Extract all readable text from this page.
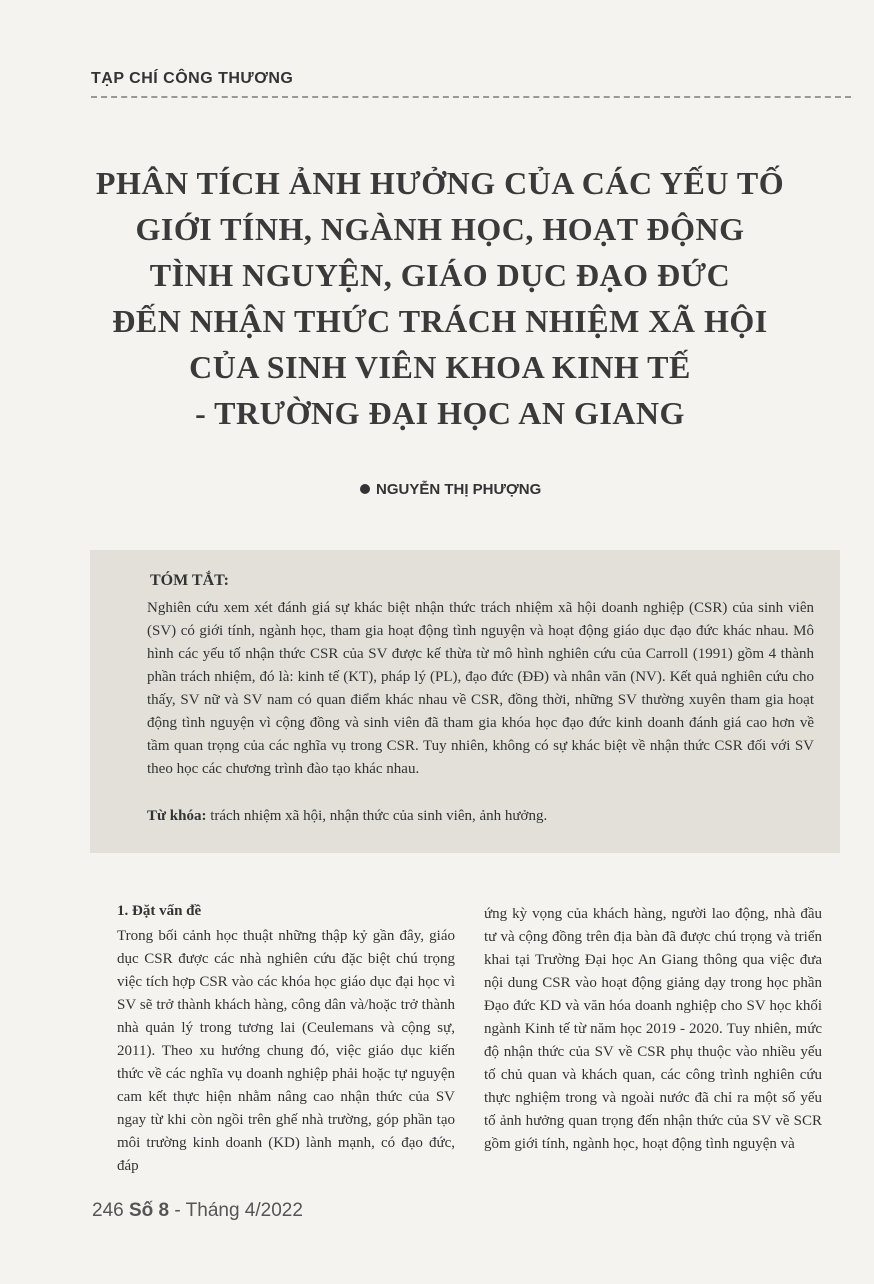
TẠP CHÍ CÔNG THƯƠNG
PHÂN TÍCH ẢNH HƯỞNG CỦA CÁC YẾU TỐ
GIỚI TÍNH, NGÀNH HỌC, HOẠT ĐỘNG
TÌNH NGUYỆN, GIÁO DỤC ĐẠO ĐỨC
ĐẾN NHẬN THỨC TRÁCH NHIỆM XÃ HỘI
CỦA SINH VIÊN KHOA KINH TẾ
- TRƯỜNG ĐẠI HỌC AN GIANG
NGUYỄN THỊ PHƯỢNG
TÓM TẮT:
Nghiên cứu xem xét đánh giá sự khác biệt nhận thức trách nhiệm xã hội doanh nghiệp (CSR) của sinh viên (SV) có giới tính, ngành học, tham gia hoạt động tình nguyện và hoạt động giáo dục đạo đức khác nhau. Mô hình các yếu tố nhận thức CSR của SV được kế thừa từ mô hình nghiên cứu của Carroll (1991) gồm 4 thành phần trách nhiệm, đó là: kinh tế (KT), pháp lý (PL), đạo đức (ĐĐ) và nhân văn (NV). Kết quả nghiên cứu cho thấy, SV nữ và SV nam có quan điểm khác nhau về CSR, đồng thời, những SV thường xuyên tham gia hoạt động tình nguyện vì cộng đồng và sinh viên đã tham gia khóa học đạo đức kinh doanh đánh giá cao hơn về tầm quan trọng của các nghĩa vụ trong CSR. Tuy nhiên, không có sự khác biệt về nhận thức CSR đối với SV theo học các chương trình đào tạo khác nhau.
Từ khóa: trách nhiệm xã hội, nhận thức của sinh viên, ảnh hưởng.
1. Đặt vấn đề
Trong bối cảnh học thuật những thập kỷ gần đây, giáo dục CSR được các nhà nghiên cứu đặc biệt chú trọng việc tích hợp CSR vào các khóa học giáo dục đại học vì SV sẽ trở thành khách hàng, công dân và/hoặc trở thành nhà quản lý trong tương lai (Ceulemans và cộng sự, 2011). Theo xu hướng chung đó, việc giáo dục kiến thức về các nghĩa vụ doanh nghiệp phải hoặc tự nguyện cam kết thực hiện nhằm nâng cao nhận thức của SV ngay từ khi còn ngồi trên ghế nhà trường, góp phần tạo môi trường kinh doanh (KD) lành mạnh, có đạo đức, đáp
ứng kỳ vọng của khách hàng, người lao động, nhà đầu tư và cộng đồng trên địa bàn đã được chú trọng và triển khai tại Trường Đại học An Giang thông qua việc đưa nội dung CSR vào hoạt động giảng dạy trong học phần Đạo đức KD và văn hóa doanh nghiệp cho SV học khối ngành Kinh tế từ năm học 2019 - 2020. Tuy nhiên, mức độ nhận thức của SV về CSR phụ thuộc vào nhiều yếu tố chủ quan và khách quan, các công trình nghiên cứu thực nghiệm trong và ngoài nước đã chỉ ra một số yếu tố ảnh hưởng quan trọng đến nhận thức của SV về SCR gồm giới tính, ngành học, hoạt động tình nguyện và
246 Số 8 - Tháng 4/2022
